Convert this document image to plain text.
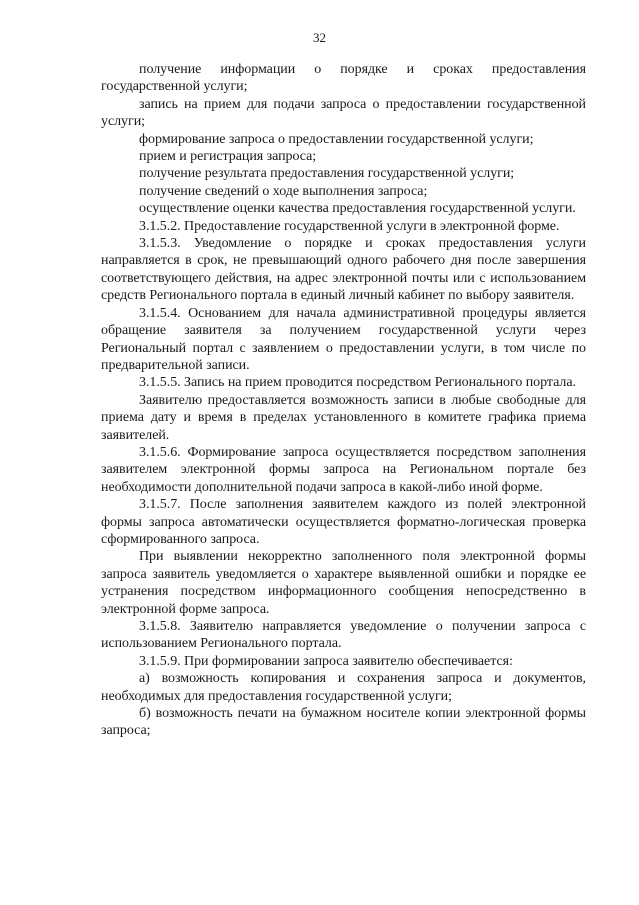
32

получение информации о порядке и сроках предоставления государственной услуги;

запись на прием для подачи запроса о предоставлении государственной услуги;

формирование запроса о предоставлении государственной услуги;

прием и регистрация запроса;

получение результата предоставления государственной услуги;

получение сведений о ходе выполнения запроса;

осуществление оценки качества предоставления государственной услуги.

3.1.5.2. Предоставление государственной услуги в электронной форме.

3.1.5.3. Уведомление о порядке и сроках предоставления услуги направляется в срок, не превышающий одного рабочего дня после завершения соответствующего действия, на адрес электронной почты или с использованием средств Регионального портала в единый личный кабинет по выбору заявителя.

3.1.5.4. Основанием для начала административной процедуры является обращение заявителя за получением государственной услуги через Региональный портал с заявлением о предоставлении услуги, в том числе по предварительной записи.

3.1.5.5. Запись на прием проводится посредством Регионального портала.

Заявителю предоставляется возможность записи в любые свободные для приема дату и время в пределах установленного в комитете графика приема заявителей.

3.1.5.6. Формирование запроса осуществляется посредством заполнения заявителем электронной формы запроса на Региональном портале без необходимости дополнительной подачи запроса в какой-либо иной форме.

3.1.5.7. После заполнения заявителем каждого из полей электронной формы запроса автоматически осуществляется форматно-логическая проверка сформированного запроса.

При выявлении некорректно заполненного поля электронной формы запроса заявитель уведомляется о характере выявленной ошибки и порядке ее устранения посредством информационного сообщения непосредственно в электронной форме запроса.

3.1.5.8. Заявителю направляется уведомление о получении запроса с использованием Регионального портала.

3.1.5.9. При формировании запроса заявителю обеспечивается:

а) возможность копирования и сохранения запроса и документов, необходимых для предоставления государственной услуги;

б) возможность печати на бумажном носителе копии электронной формы запроса;
